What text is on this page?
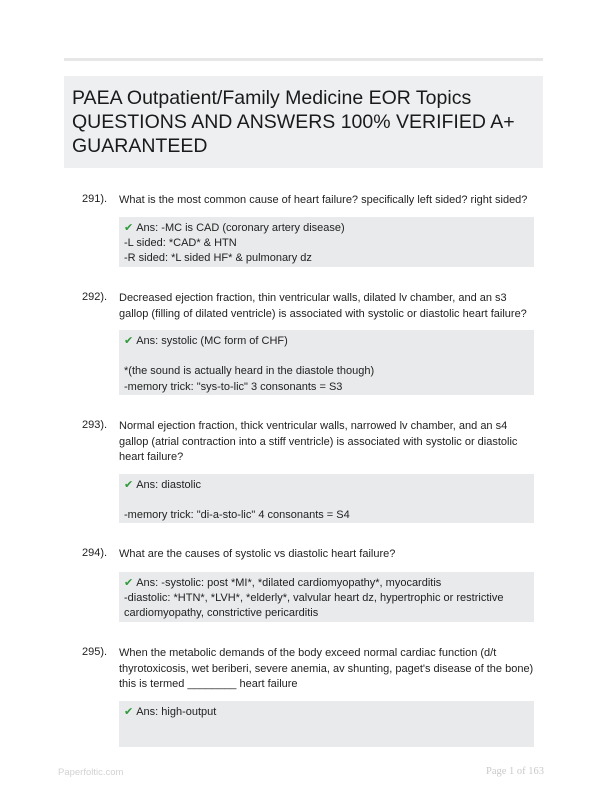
PAEA Outpatient/Family Medicine EOR Topics QUESTIONS AND ANSWERS 100% VERIFIED A+ GUARANTEED
291). What is the most common cause of heart failure? specifically left sided? right sided?
✔ Ans: -MC is CAD (coronary artery disease)
-L sided: *CAD* & HTN
-R sided: *L sided HF* & pulmonary dz
292). Decreased ejection fraction, thin ventricular walls, dilated lv chamber, and an s3 gallop (filling of dilated ventricle) is associated with systolic or diastolic heart failure?
✔ Ans: systolic (MC form of CHF)
*(the sound is actually heard in the diastole though)
-memory trick: "sys-to-lic" 3 consonants = S3
293). Normal ejection fraction, thick ventricular walls, narrowed lv chamber, and an s4 gallop (atrial contraction into a stiff ventricle) is associated with systolic or diastolic heart failure?
✔ Ans: diastolic
-memory trick: "di-a-sto-lic" 4 consonants = S4
294). What are the causes of systolic vs diastolic heart failure?
✔ Ans: -systolic: post *MI*, *dilated cardiomyopathy*, myocarditis
-diastolic: *HTN*, *LVH*, *elderly*, valvular heart dz, hypertrophic or restrictive cardiomyopathy, constrictive pericarditis
295). When the metabolic demands of the body exceed normal cardiac function (d/t thyrotoxicosis, wet beriberi, severe anemia, av shunting, paget's disease of the bone) this is termed ________ heart failure
✔ Ans: high-output
Paperfoltic.com	Page 1 of 163
